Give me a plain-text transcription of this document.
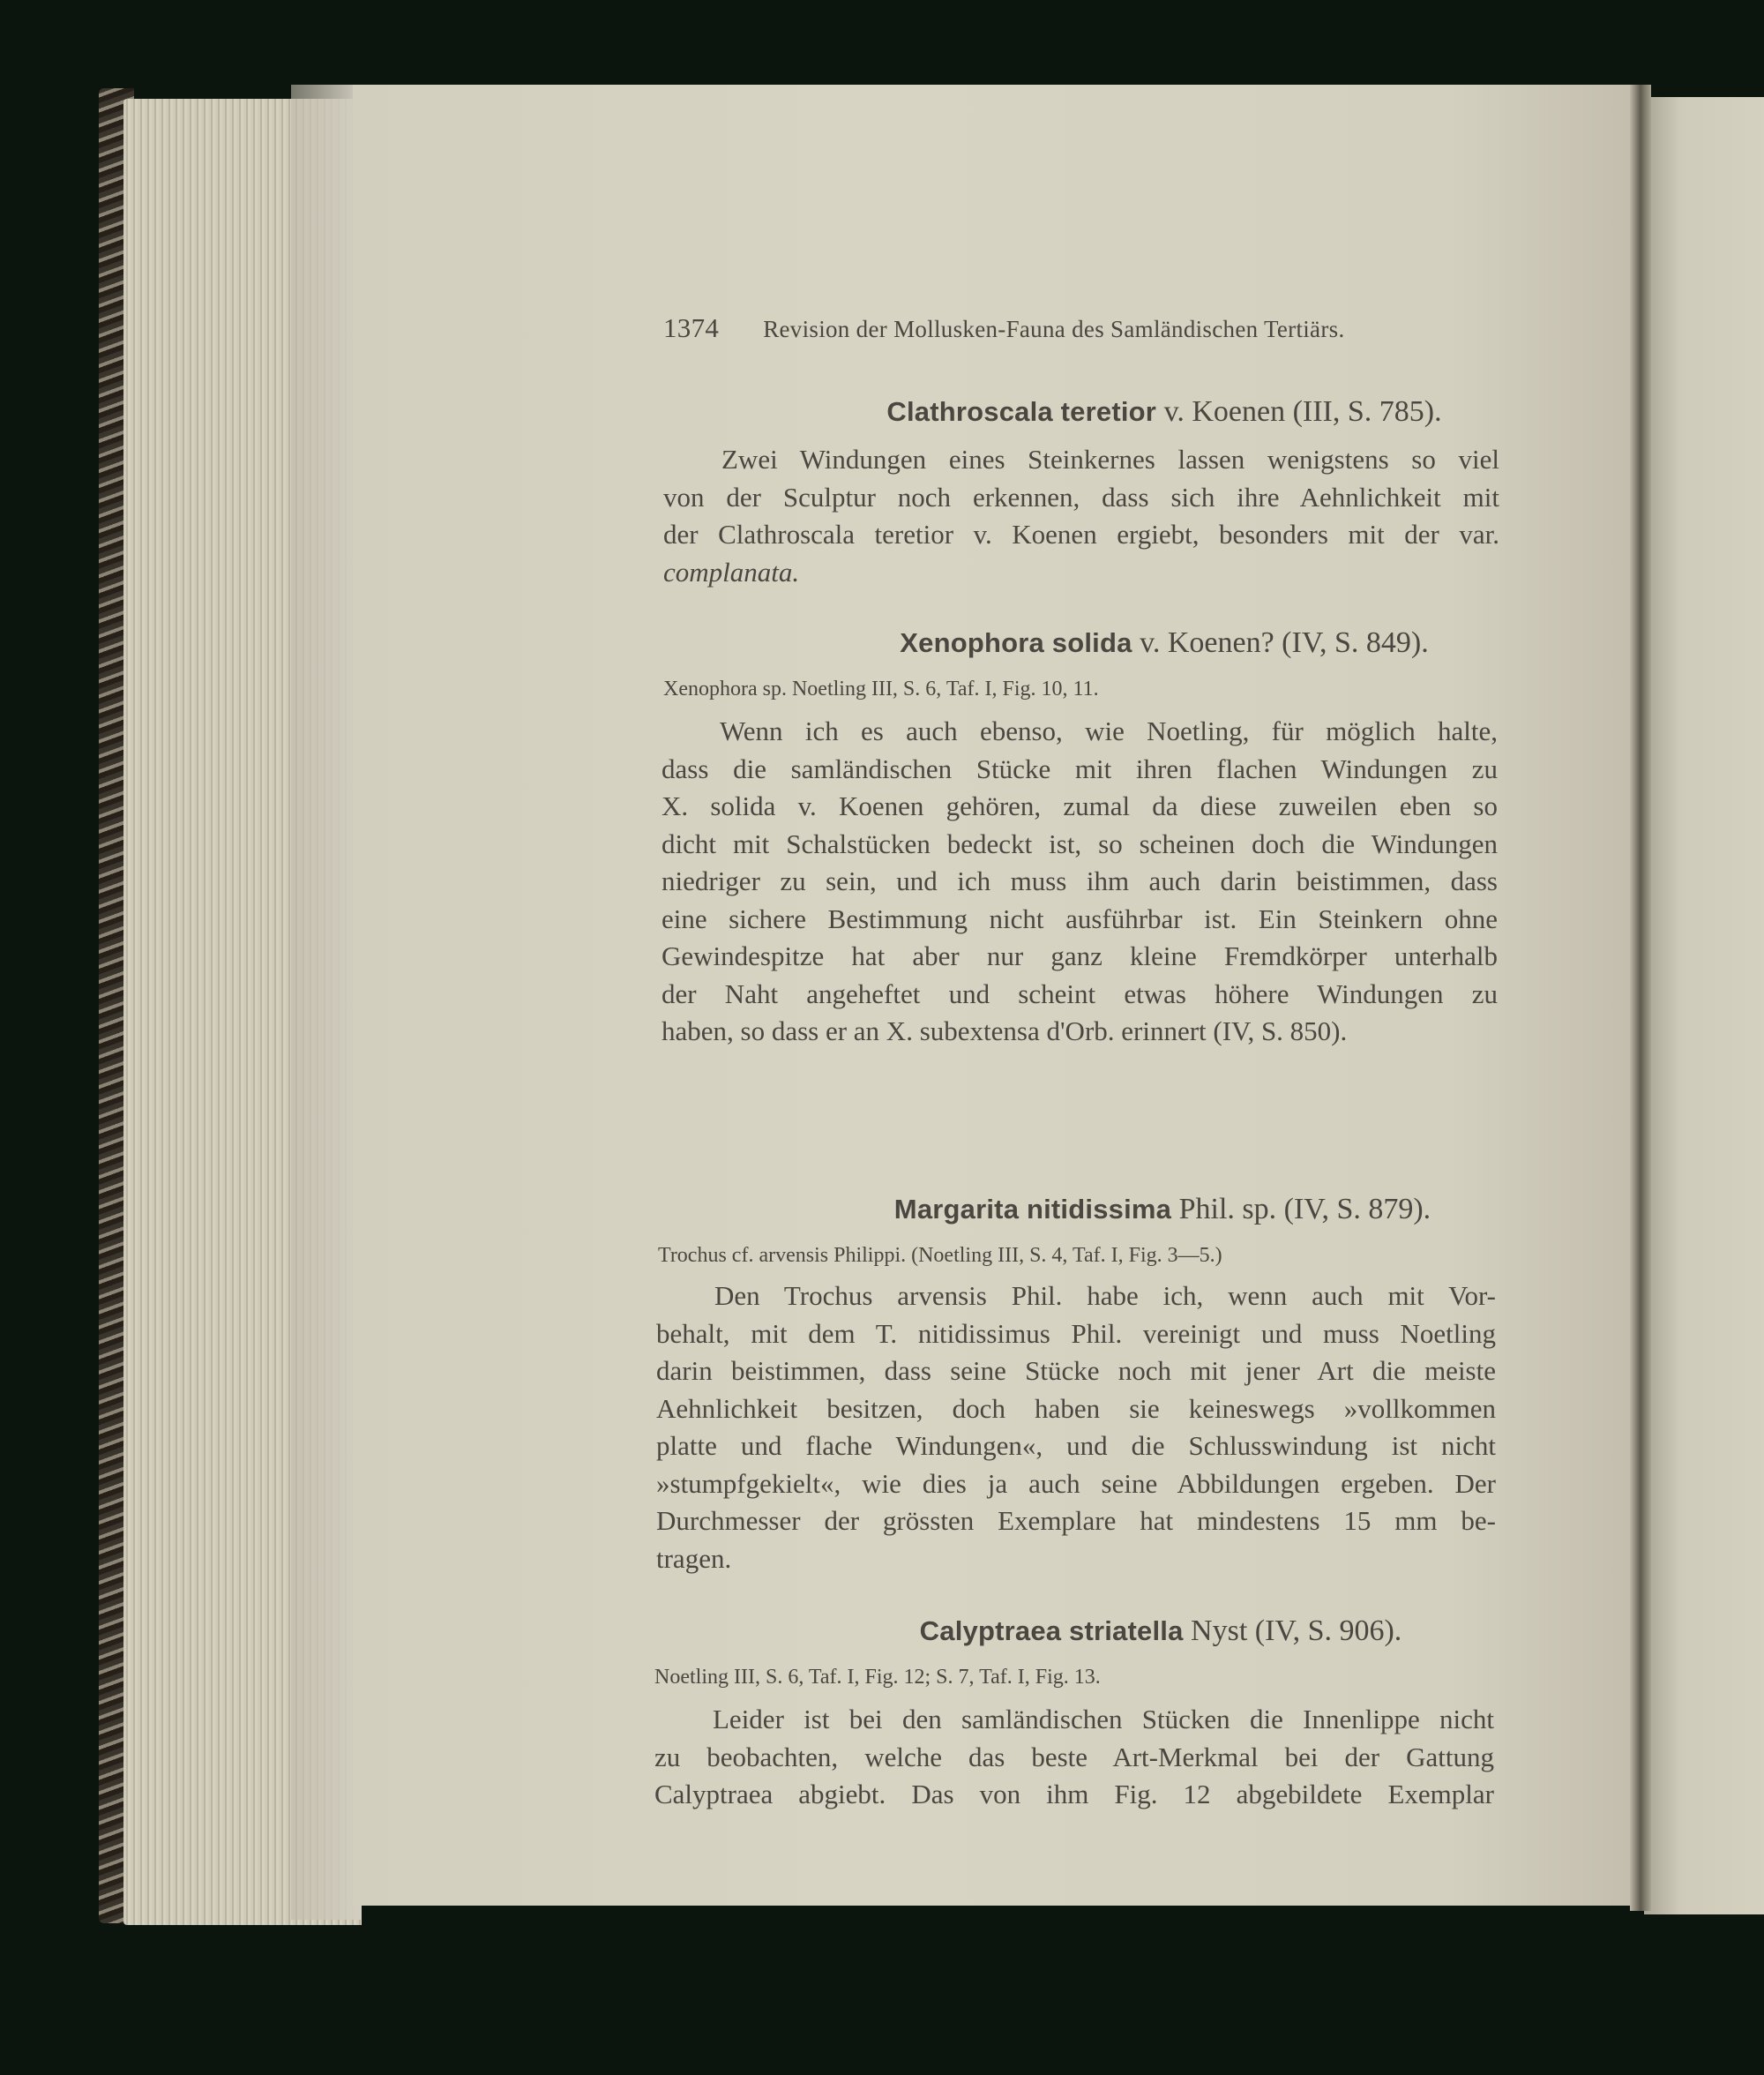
1374 Revision der Mollusken-Fauna des Samländischen Tertiärs.
Clathroscala teretior v. Koenen (III, S. 785).
Zwei Windungen eines Steinkernes lassen wenigstens so viel
von der Sculptur noch erkennen, dass sich ihre Aehnlichkeit mit
der Clathroscala teretior v. Koenen ergiebt, besonders mit der var.
complanata.
Xenophora solida v. Koenen? (IV, S. 849).
Xenophora sp. Noetling III, S. 6, Taf. I, Fig. 10, 11.
Wenn ich es auch ebenso, wie Noetling, für möglich halte,
dass die samländischen Stücke mit ihren flachen Windungen zu
X. solida v. Koenen gehören, zumal da diese zuweilen eben so
dicht mit Schalstücken bedeckt ist, so scheinen doch die Windungen
niedriger zu sein, und ich muss ihm auch darin beistimmen, dass
eine sichere Bestimmung nicht ausführbar ist. Ein Steinkern ohne
Gewindespitze hat aber nur ganz kleine Fremdkörper unterhalb
der Naht angeheftet und scheint etwas höhere Windungen zu
haben, so dass er an X. subextensa d'Orb. erinnert (IV, S. 850).
Margarita nitidissima Phil. sp. (IV, S. 879).
Trochus cf. arvensis Philippi. (Noetling III, S. 4, Taf. I, Fig. 3—5.)
Den Trochus arvensis Phil. habe ich, wenn auch mit Vor-
behalt, mit dem T. nitidissimus Phil. vereinigt und muss Noetling
darin beistimmen, dass seine Stücke noch mit jener Art die meiste
Aehnlichkeit besitzen, doch haben sie keineswegs »vollkommen
platte und flache Windungen«, und die Schlusswindung ist nicht
»stumpfgekielt«, wie dies ja auch seine Abbildungen ergeben. Der
Durchmesser der grössten Exemplare hat mindestens 15 mm be-
tragen.
Calyptraea striatella Nyst (IV, S. 906).
Noetling III, S. 6, Taf. I, Fig. 12; S. 7, Taf. I, Fig. 13.
Leider ist bei den samländischen Stücken die Innenlippe nicht
zu beobachten, welche das beste Art-Merkmal bei der Gattung
Calyptraea abgiebt. Das von ihm Fig. 12 abgebildete Exemplar
